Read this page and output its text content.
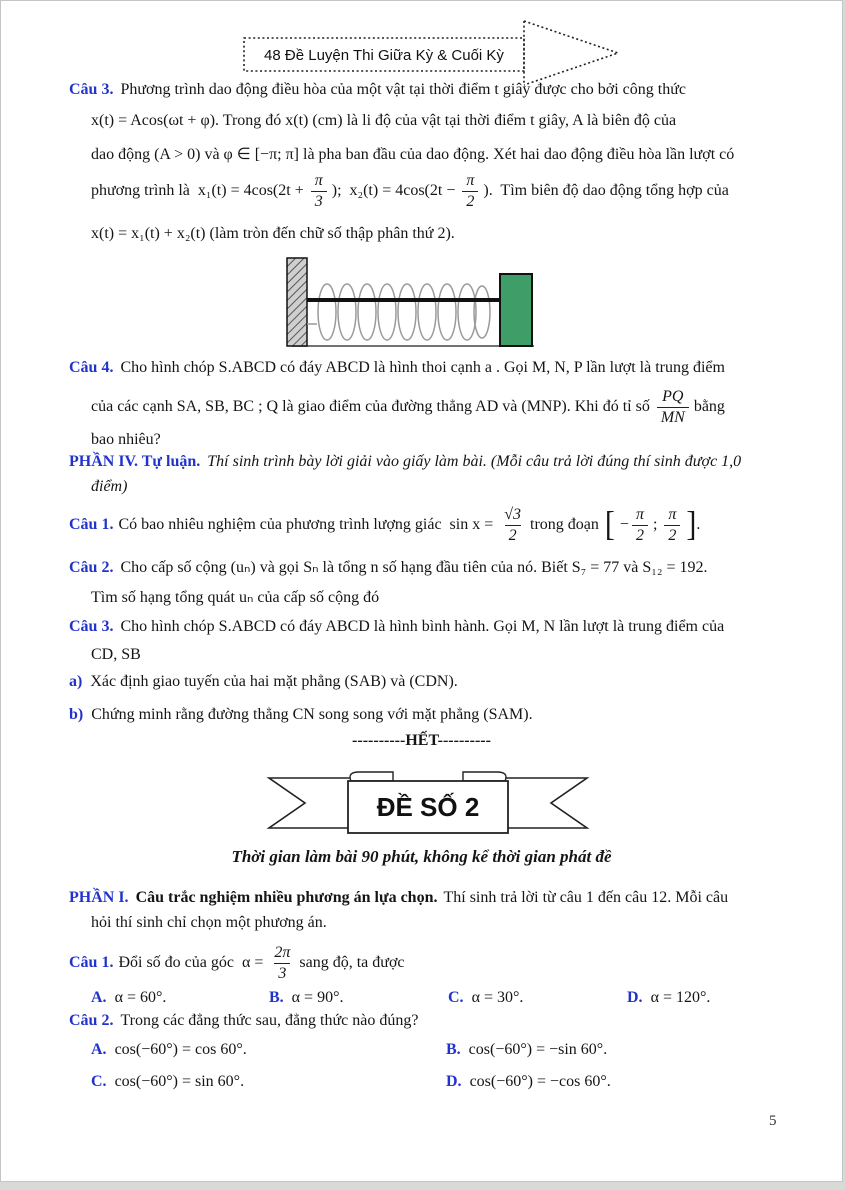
48 Đề Luyện Thi Giữa Kỳ & Cuối Kỳ
Câu 3. Phương trình dao động điều hòa của một vật tại thời điểm t giây được cho bởi công thức
x(t) = Acos(ωt + φ). Trong đó x(t) (cm) là li độ của vật tại thời điểm t giây, A là biên độ của
dao động (A > 0) và φ ∈ [−π; π] là pha ban đầu của dao động. Xét hai dao động điều hòa lần lượt có
phương trình là  $x_1(t) = 4\cos(2t + \frac{\pi}{3}$ );  $x_2(t) = 4\cos(2t - \frac{\pi}{2}$ ).  Tìm biên độ dao động tổng hợp của
x(t) = x₁(t) + x₂(t) (làm tròn đến chữ số thập phân thứ 2).
Câu 4. Cho hình chóp S.ABCD có đáy ABCD là hình thoi cạnh a . Gọi M, N, P lần lượt là trung điểm
của các cạnh SA, SB, BC ; Q là giao điểm của đường thẳng AD và (MNP). Khi đó tỉ số $\frac{PQ}{MN}$ bằng
bao nhiêu?
PHẦN IV. Tự luận. Thí sinh trình bày lời giải vào giấy làm bài. (Mỗi câu trả lời đúng thí sinh được 1,0
điểm)
Câu 1. Có bao nhiêu nghiệm của phương trình lượng giác  $\sin x = \frac{√3}{2}$ trong đoạn [ − $\frac{\pi}{2}$ ; $\frac{\pi}{2}$ ] .
Câu 2. Cho cấp số cộng (uₙ) và gọi Sₙ là tổng n số hạng đầu tiên của nó. Biết S₇ = 77 và S₁₂ = 192.
Tìm số hạng tổng quát uₙ của cấp số cộng đó
Câu 3. Cho hình chóp S.ABCD có đáy ABCD là hình bình hành. Gọi M, N lần lượt là trung điểm của
CD, SB
a) Xác định giao tuyến của hai mặt phẳng (SAB) và (CDN).
b) Chứng minh rằng đường thẳng CN song song với mặt phẳng (SAM).
----------HẾT----------
ĐỀ SỐ 2
Thời gian làm bài 90 phút, không kể thời gian phát đề
PHẦN I. Câu trắc nghiệm nhiều phương án lựa chọn. Thí sinh trả lời từ câu 1 đến câu 12. Mỗi câu
hỏi thí sinh chỉ chọn một phương án.
Câu 1. Đổi số đo của góc  $\alpha = \frac{2\pi}{3}$ sang độ, ta được
A. α = 60°.	B. α = 90°.	C. α = 30°.	D. α = 120°.
Câu 2. Trong các đẳng thức sau, đẳng thức nào đúng?
A. cos(−60°) = cos 60°.	B. cos(−60°) = −sin 60°.
C. cos(−60°) = sin 60°.	D. cos(−60°) = −cos 60°.
5
